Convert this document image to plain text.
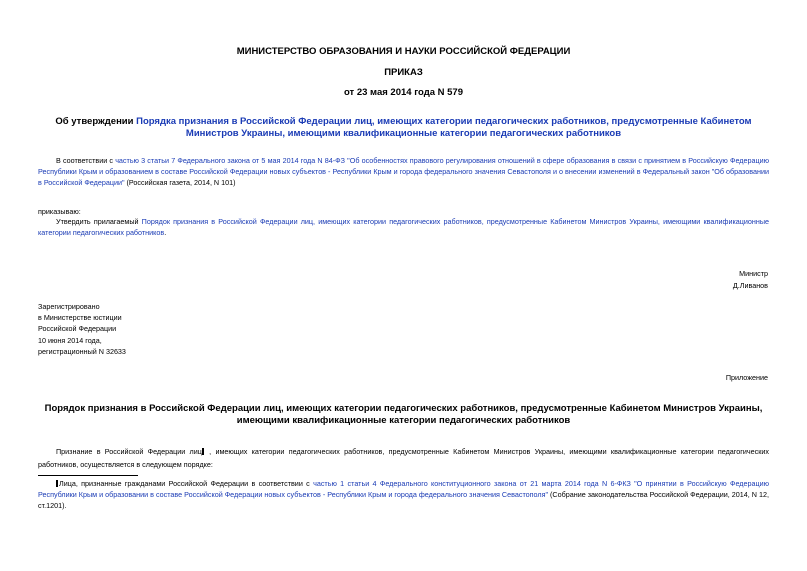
МИНИСТЕРСТВО ОБРАЗОВАНИЯ И НАУКИ РОССИЙСКОЙ ФЕДЕРАЦИИ
ПРИКАЗ
от 23 мая 2014 года N 579
Об утверждении Порядка признания в Российской Федерации лиц, имеющих категории педагогических работников, предусмотренные Кабинетом Министров Украины, имеющими квалификационные категории педагогических работников
В соответствии с частью 3 статьи 7 Федерального закона от 5 мая 2014 года N 84-ФЗ "Об особенностях правового регулирования отношений в сфере образования в связи с принятием в Российскую Федерацию Республики Крым и образованием в составе Российской Федерации новых субъектов - Республики Крым и города федерального значения Севастополя и о внесении изменений в Федеральный закон "Об образовании в Российской Федерации" (Российская газета, 2014, N 101)
приказываю:
Утвердить прилагаемый Порядок признания в Российской Федерации лиц, имеющих категории педагогических работников, предусмотренные Кабинетом Министров Украины, имеющими квалификационные категории педагогических работников.
Министр
Д.Ливанов
Зарегистрировано
в Министерстве юстиции
Российской Федерации
10 июня 2014 года,
регистрационный N 32633
Приложение
Порядок признания в Российской Федерации лиц, имеющих категории педагогических работников, предусмотренные Кабинетом Министров Украины, имеющими квалификационные категории педагогических работников
Признание в Российской Федерации лиц , имеющих категории педагогических работников, предусмотренные Кабинетом Министров Украины, имеющими квалификационные категории педагогических работников, осуществляется в следующем порядке:
Лица, признанные гражданами Российской Федерации в соответствии с частью 1 статьи 4 Федерального конституционного закона от 21 марта 2014 года N 6-ФКЗ "О принятии в Российскую Федерацию Республики Крым и образовании в составе Российской Федерации новых субъектов - Республики Крым и города федерального значения Севастополя" (Собрание законодательства Российской Федерации, 2014, N 12, ст.1201).
